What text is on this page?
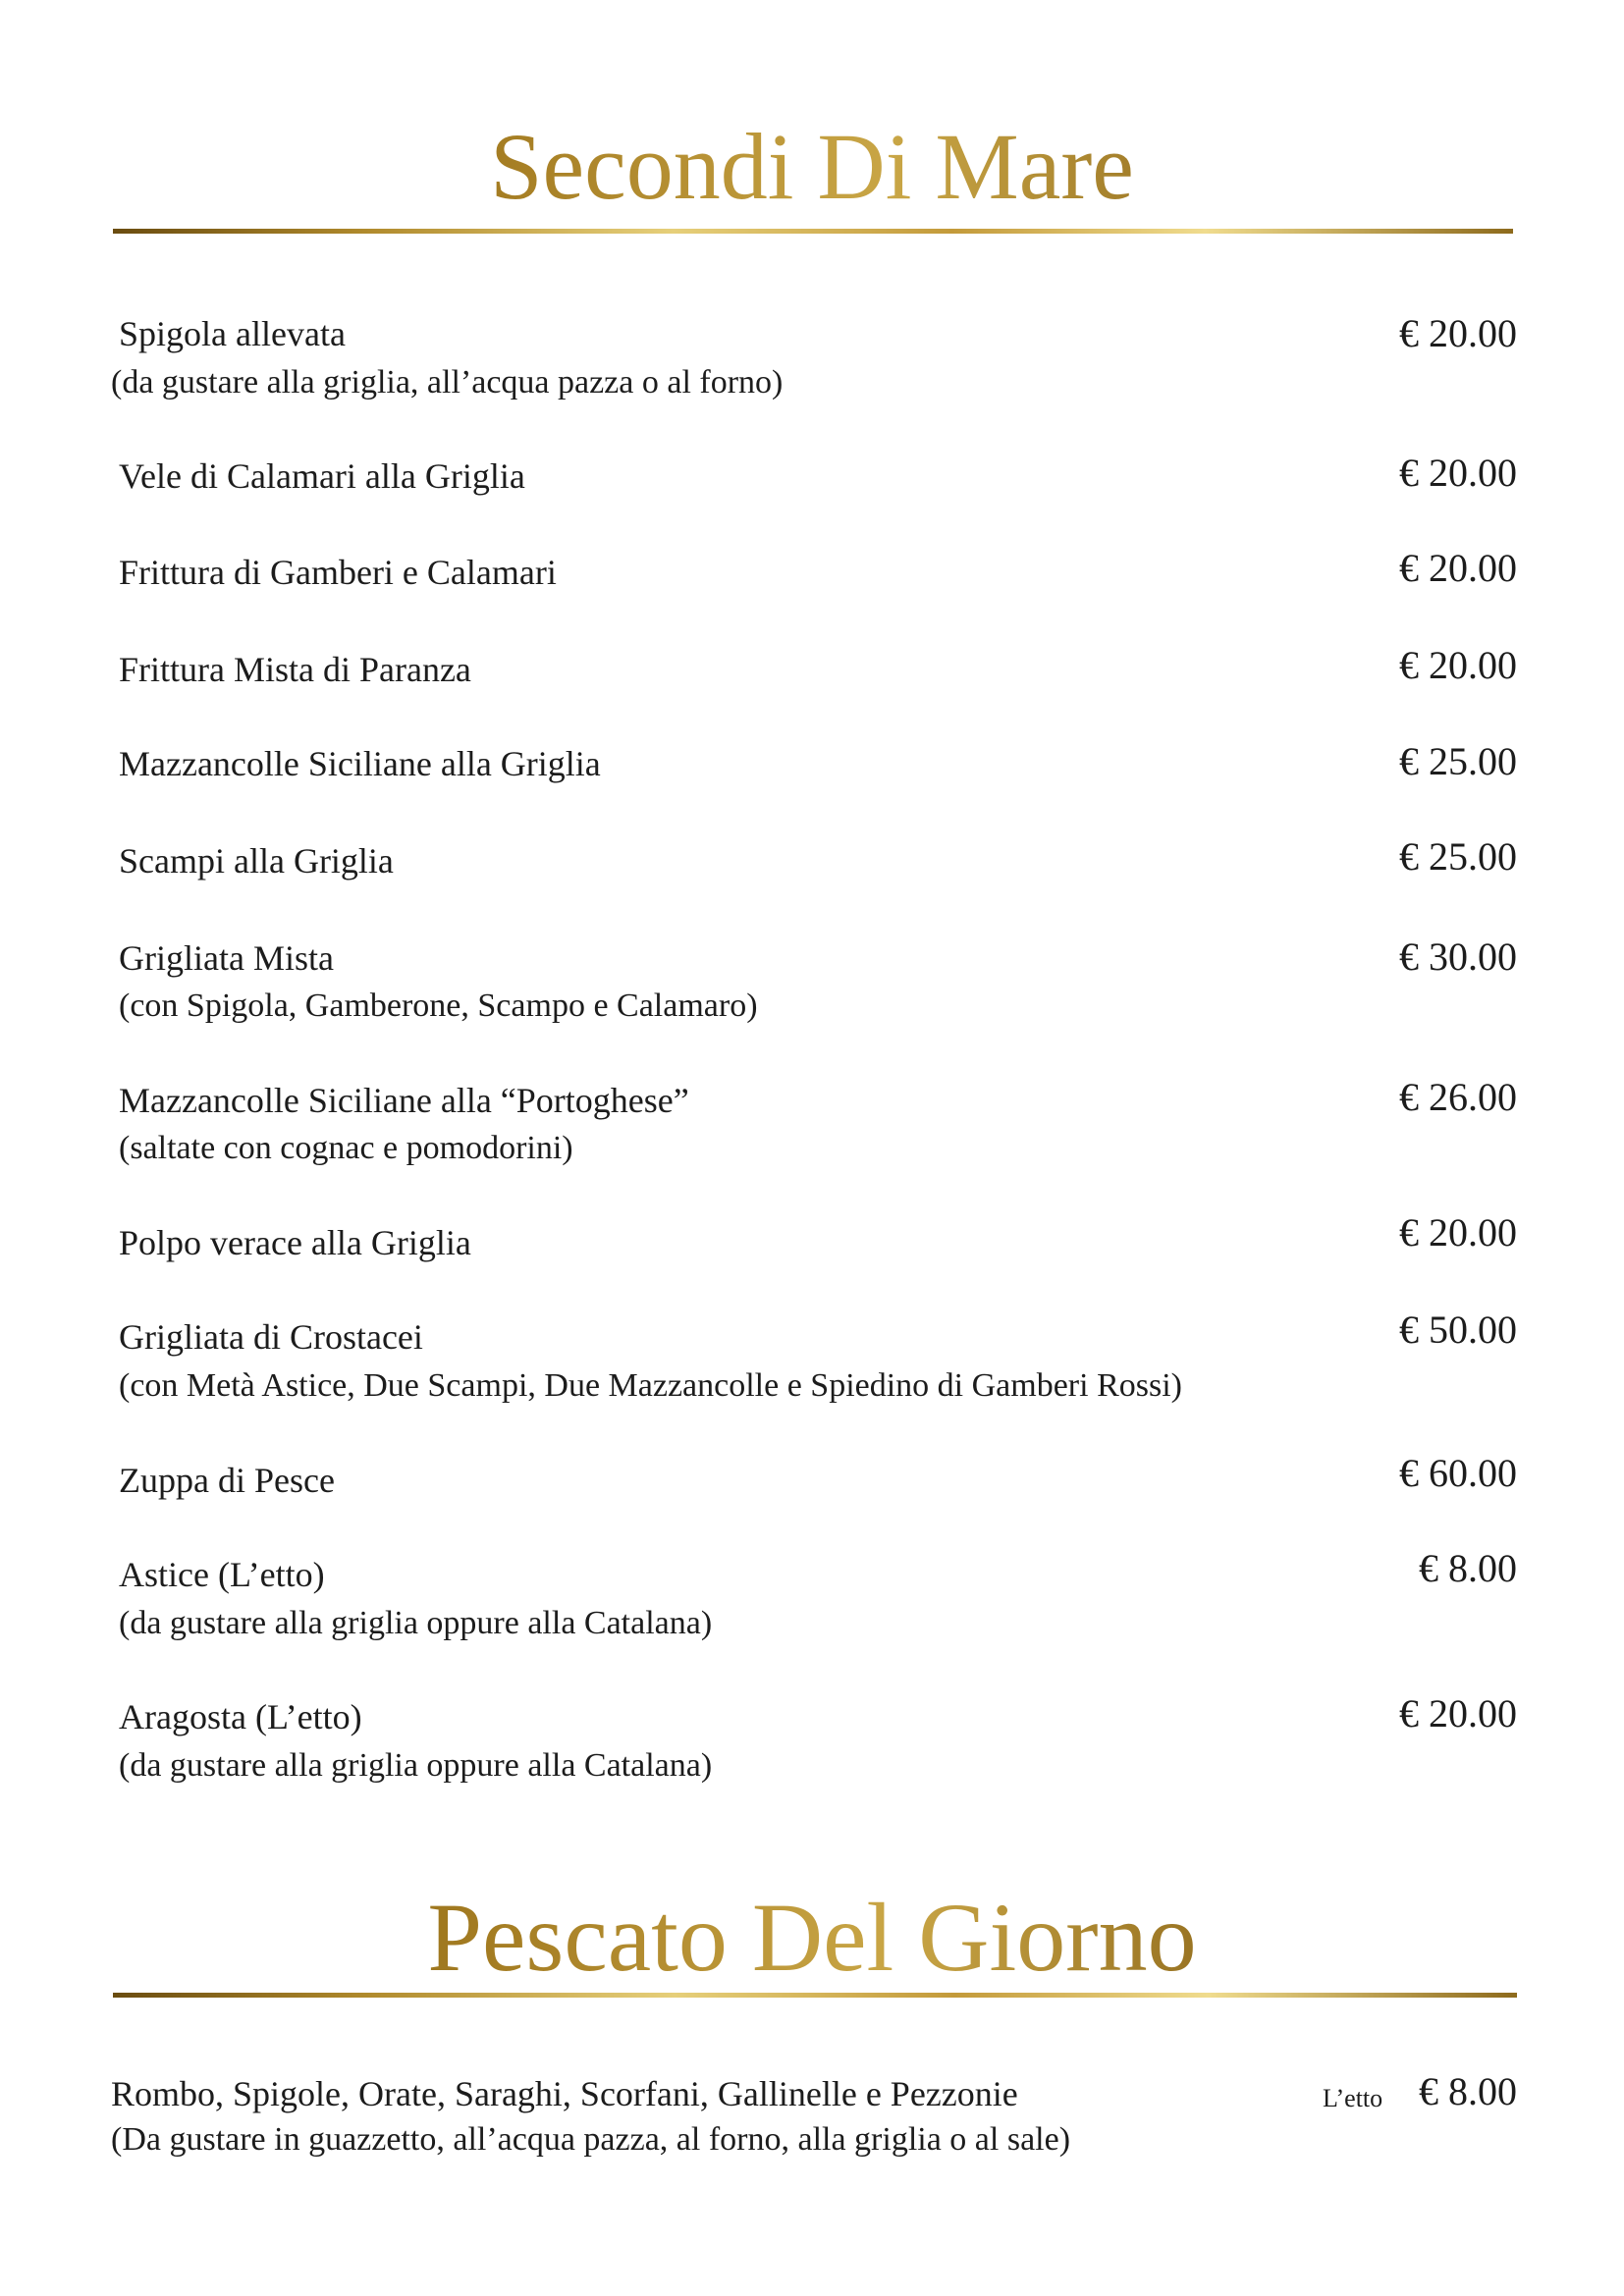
Secondi Di Mare
Spigola allevata	€ 20.00
(da gustare alla griglia, all’acqua pazza o al forno)
Vele di Calamari alla Griglia	€ 20.00
Frittura di Gamberi e Calamari	€ 20.00
Frittura Mista di Paranza	€ 20.00
Mazzancolle Siciliane alla Griglia	€ 25.00
Scampi alla Griglia	€ 25.00
Grigliata Mista	€ 30.00
(con Spigola, Gamberone, Scampo e Calamaro)
Mazzancolle Siciliane alla “Portoghese”	€ 26.00
(saltate con cognac e pomodorini)
Polpo verace alla Griglia	€ 20.00
Grigliata di Crostacei	€ 50.00
(con Metà Astice, Due Scampi, Due Mazzancolle e Spiedino di Gamberi Rossi)
Zuppa di Pesce	€ 60.00
Astice (L’etto)	€ 8.00
(da gustare alla griglia oppure alla Catalana)
Aragosta (L’etto)	€ 20.00
(da gustare alla griglia oppure alla Catalana)
Pescato Del Giorno
Rombo, Spigole, Orate, Saraghi, Scorfani, Gallinelle e Pezzonie	L’etto € 8.00
(Da gustare in guazzetto, all’acqua pazza, al forno, alla griglia o al sale)
